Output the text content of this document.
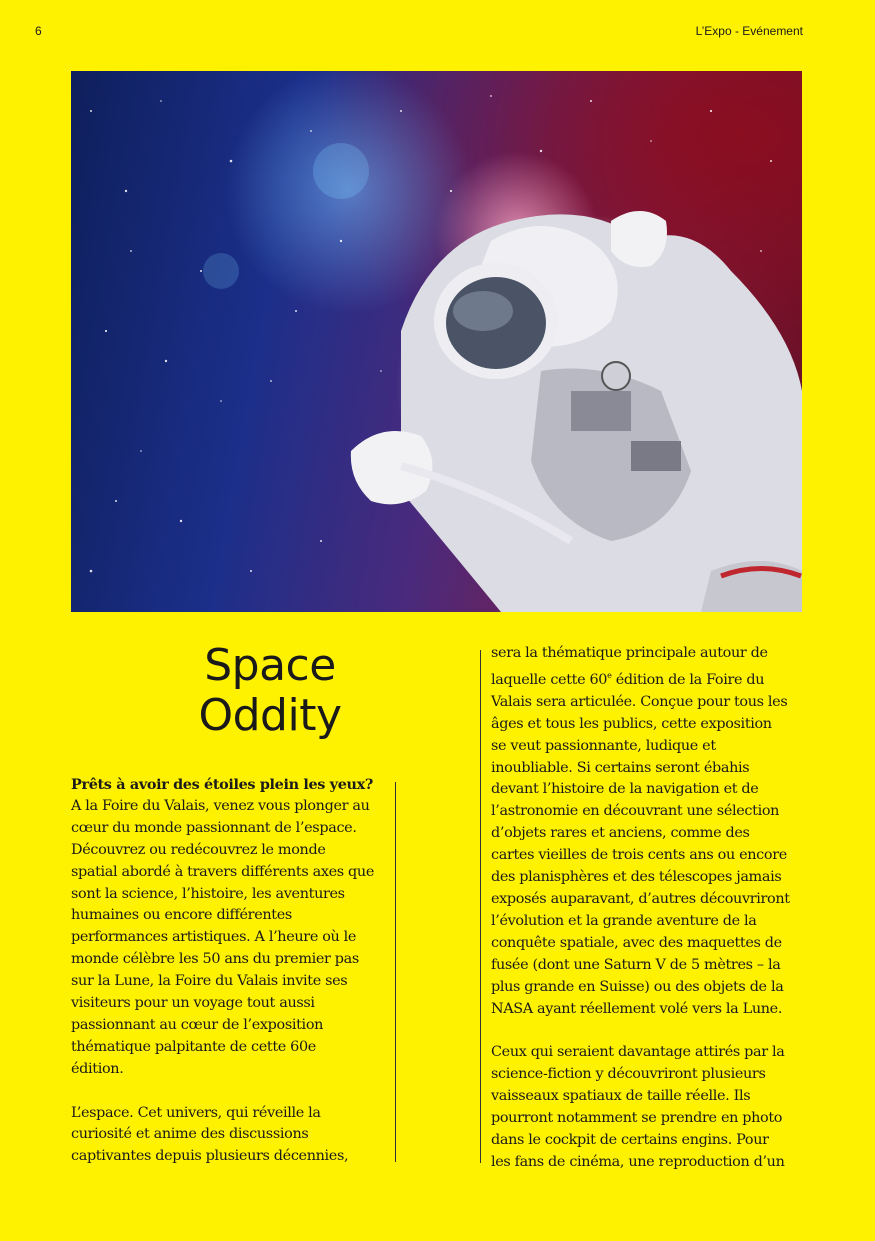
6	L’Expo - Evénement
Space
Oddity

Prêts à avoir des étoiles plein les yeux?

A la Foire du Valais, venez vous plonger au

cœur du monde passionnant de l’espace.

Découvrez ou redécouvrez le monde

spatial abordé à travers différents axes que

sont la science, l’histoire, les aventures

humaines ou encore différentes

performances artistiques. A l’heure où le

monde célèbre les 50 ans du premier pas

sur la Lune, la Foire du Valais invite ses

visiteurs pour un voyage tout aussi

passionnant au cœur de l’exposition

thématique palpitante de cette 60e

édition.

L’espace. Cet univers, qui réveille la

curiosité et anime des discussions

captivantes depuis plusieurs décennies,

sera la thématique principale autour de

laquelle cette 60e édition de la Foire du

Valais sera articulée. Conçue pour tous les

âges et tous les publics, cette exposition

se veut passionnante, ludique et

inoubliable. Si certains seront ébahis

devant l’histoire de la navigation et de

l’astronomie en découvrant une sélection

d’objets rares et anciens, comme des

cartes vieilles de trois cents ans ou encore

des planisphères et des télescopes jamais

exposés auparavant, d’autres découvriront

l’évolution et la grande aventure de la

conquête spatiale, avec des maquettes de

fusée (dont une Saturn V de 5 mètres – la

plus grande en Suisse) ou des objets de la

NASA ayant réellement volé vers la Lune.

Ceux qui seraient davantage attirés par la

science-fiction y découvriront plusieurs

vaisseaux spatiaux de taille réelle. Ils

pourront notamment se prendre en photo

dans le cockpit de certains engins. Pour

les fans de cinéma, une reproduction d’un
